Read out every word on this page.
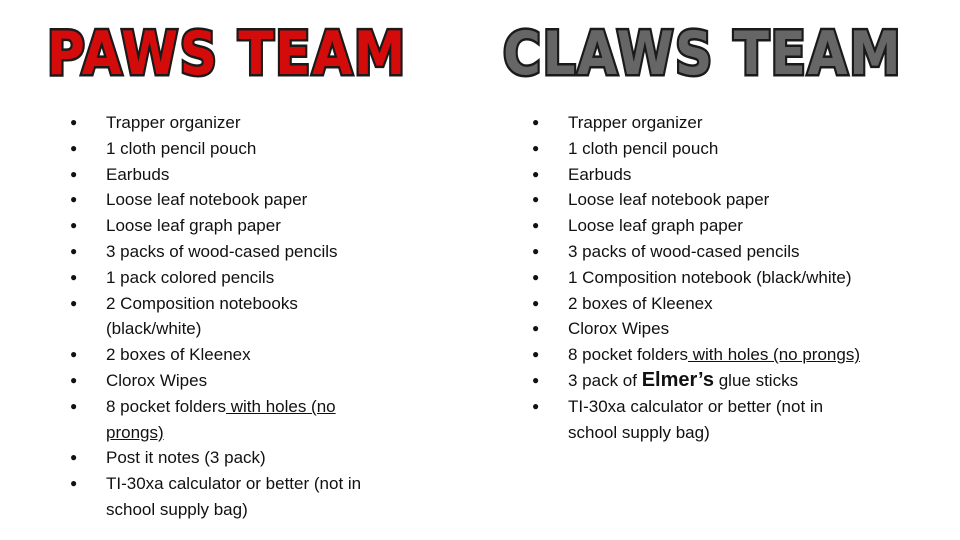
PAWS TEAM
● Trapper organizer
● 1 cloth pencil pouch
● Earbuds
● Loose leaf notebook paper
● Loose leaf graph paper
● 3 packs of wood-cased pencils
● 1 pack colored pencils
● 2 Composition notebooks (black/white)
● 2 boxes of Kleenex
● Clorox Wipes
● 8 pocket folders with holes (no prongs)
● Post it notes (3 pack)
● TI-30xa calculator or better (not in school supply bag)
CLAWS TEAM
● Trapper organizer
● 1 cloth pencil pouch
● Earbuds
● Loose leaf notebook paper
● Loose leaf graph paper
● 3 packs of wood-cased pencils
● 1 Composition notebook (black/white)
● 2 boxes of Kleenex
● Clorox Wipes
● 8 pocket folders with holes (no prongs)
● 3 pack of Elmer’s glue sticks
● TI-30xa calculator or better (not in school supply bag)
